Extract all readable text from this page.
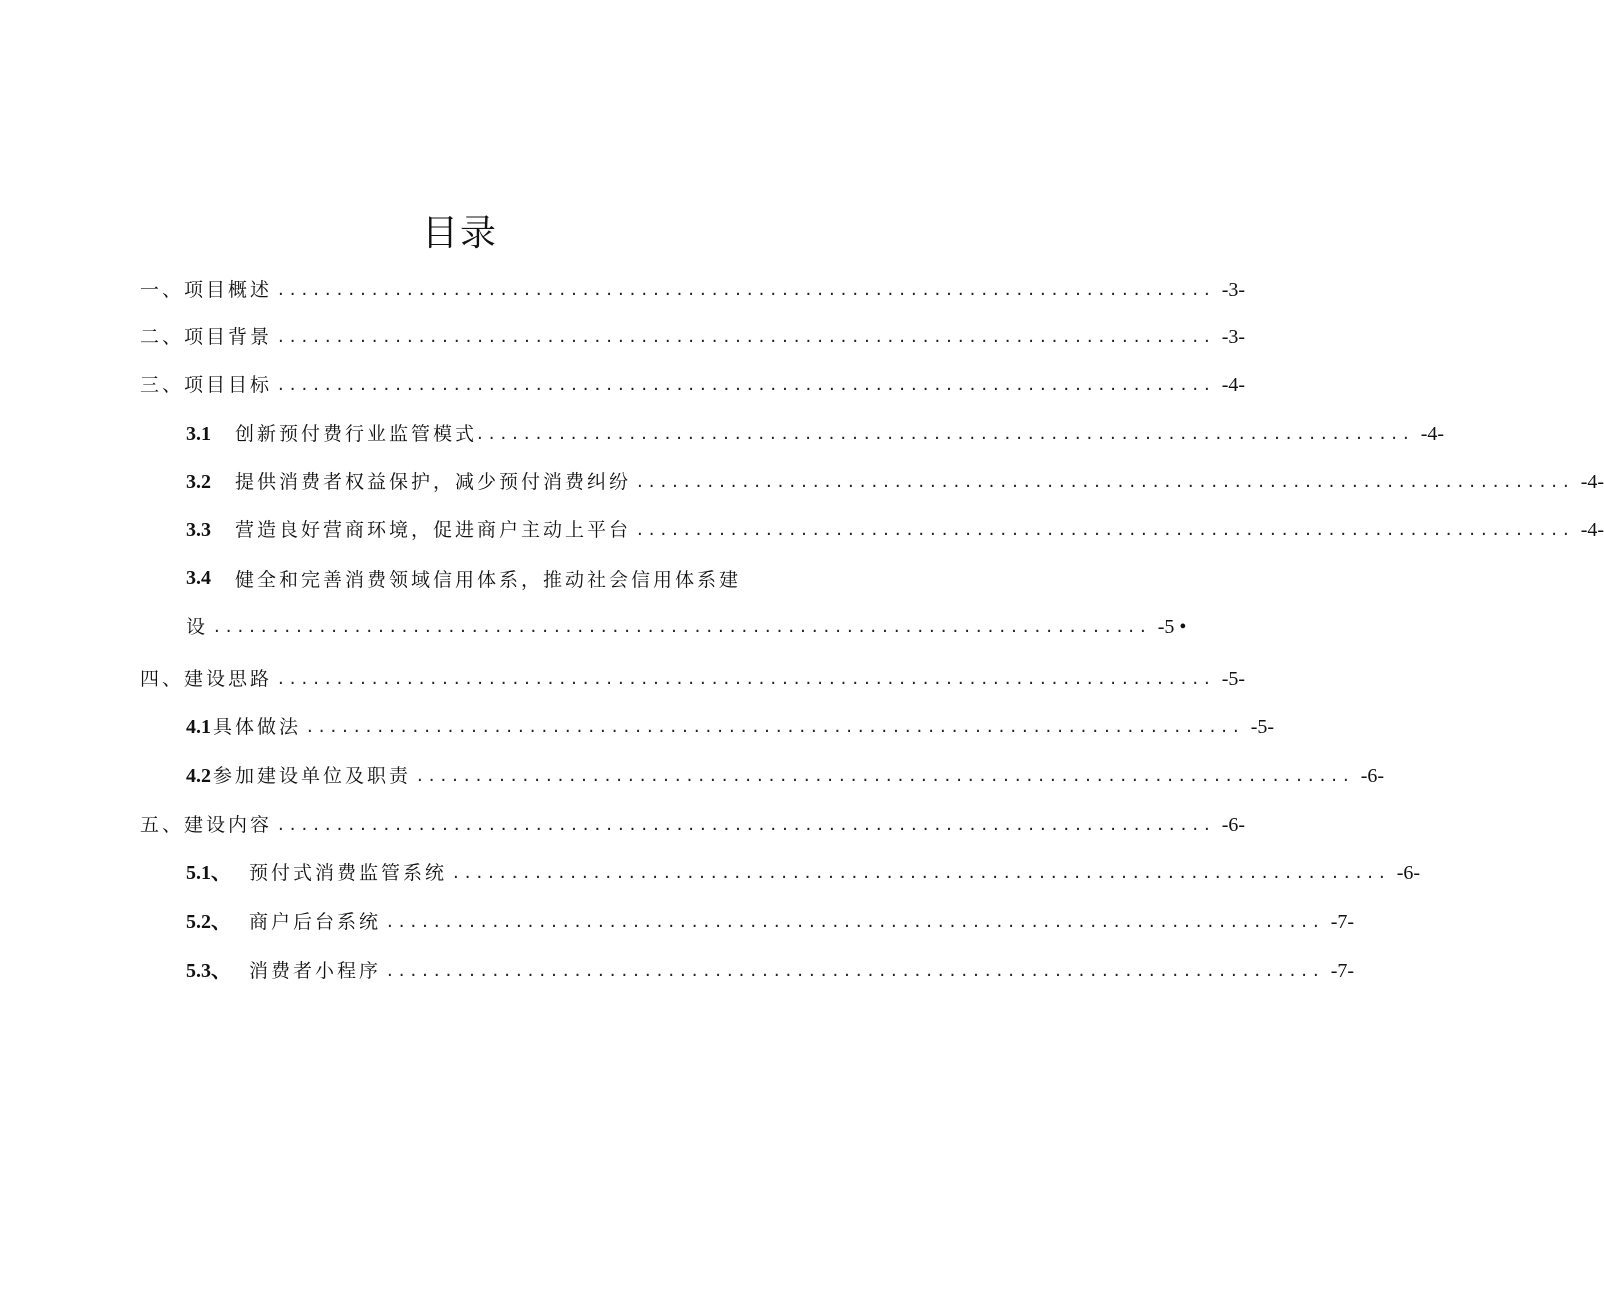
目录
一、 项目概述 ................................................................................ -3-
二、 项目背景 ................................................................................ -3-
三、 项目目标 ................................................................................ -4-
3.1 创新预付费行业监管模式 ................................................................................ -4-
3.2 提供消费者权益保护，减少预付消费纠纷 ................................................................................ -4-
3.3 营造良好营商环境，促进商户主动上平台 ................................................................................ -4-
3.4 健全和完善消费领域信用体系，推动社会信用体系建
设 ................................................................................ -5 •
四、 建设思路 ................................................................................ -5-
4.1 具体做法 ................................................................................ -5-
4.2 参加建设单位及职责 ................................................................................ -6-
五、 建设内容 ................................................................................ -6-
5.1、 预付式消费监管系统 ................................................................................ -6-
5.2、 商户后台系统 ................................................................................ -7-
5.3、 消费者小程序 ................................................................................ -7-
